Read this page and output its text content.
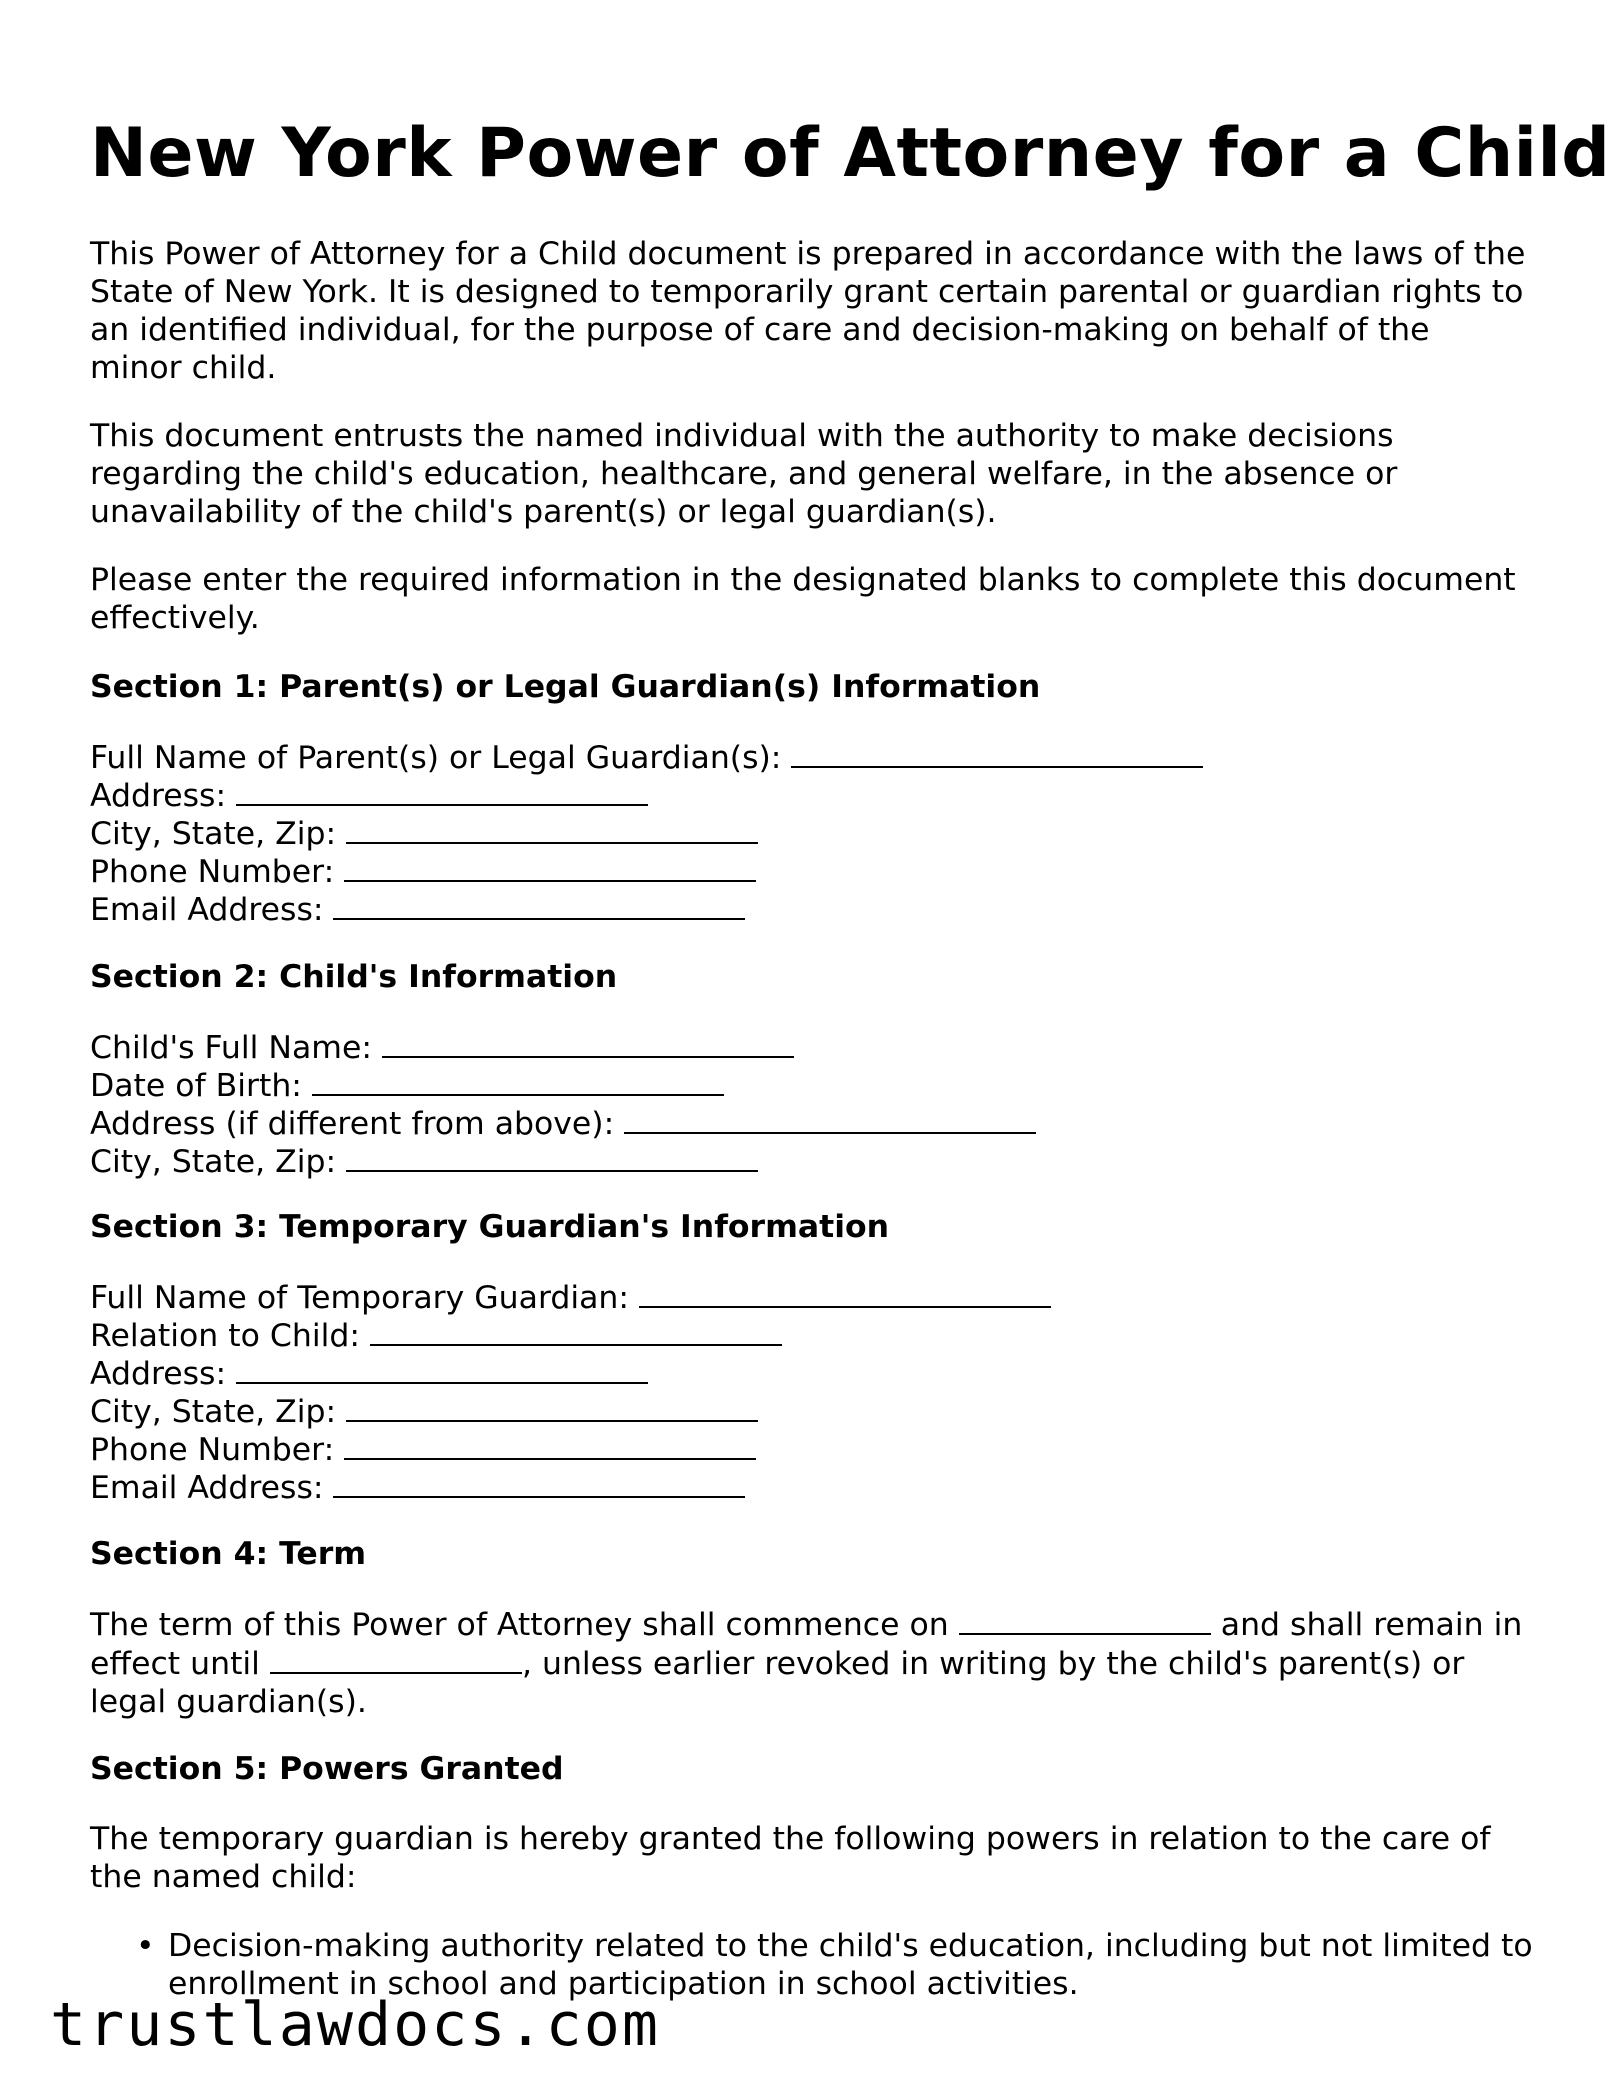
New York Power of Attorney for a Child
This Power of Attorney for a Child document is prepared in accordance with the laws of the State of New York. It is designed to temporarily grant certain parental or guardian rights to an identified individual, for the purpose of care and decision-making on behalf of the minor child.
This document entrusts the named individual with the authority to make decisions regarding the child's education, healthcare, and general welfare, in the absence or unavailability of the child's parent(s) or legal guardian(s).
Please enter the required information in the designated blanks to complete this document effectively.
Section 1: Parent(s) or Legal Guardian(s) Information
Full Name of Parent(s) or Legal Guardian(s):
Address:
City, State, Zip:
Phone Number:
Email Address:
Section 2: Child's Information
Child's Full Name:
Date of Birth:
Address (if different from above):
City, State, Zip:
Section 3: Temporary Guardian's Information
Full Name of Temporary Guardian:
Relation to Child:
Address:
City, State, Zip:
Phone Number:
Email Address:
Section 4: Term
The term of this Power of Attorney shall commence on	and shall remain in effect until	, unless earlier revoked in writing by the child's parent(s) or legal guardian(s).
Section 5: Powers Granted
The temporary guardian is hereby granted the following powers in relation to the care of the named child:
• Decision-making authority related to the child's education, including but not limited to enrollment in school and participation in school activities.
trustlawdocs.com
